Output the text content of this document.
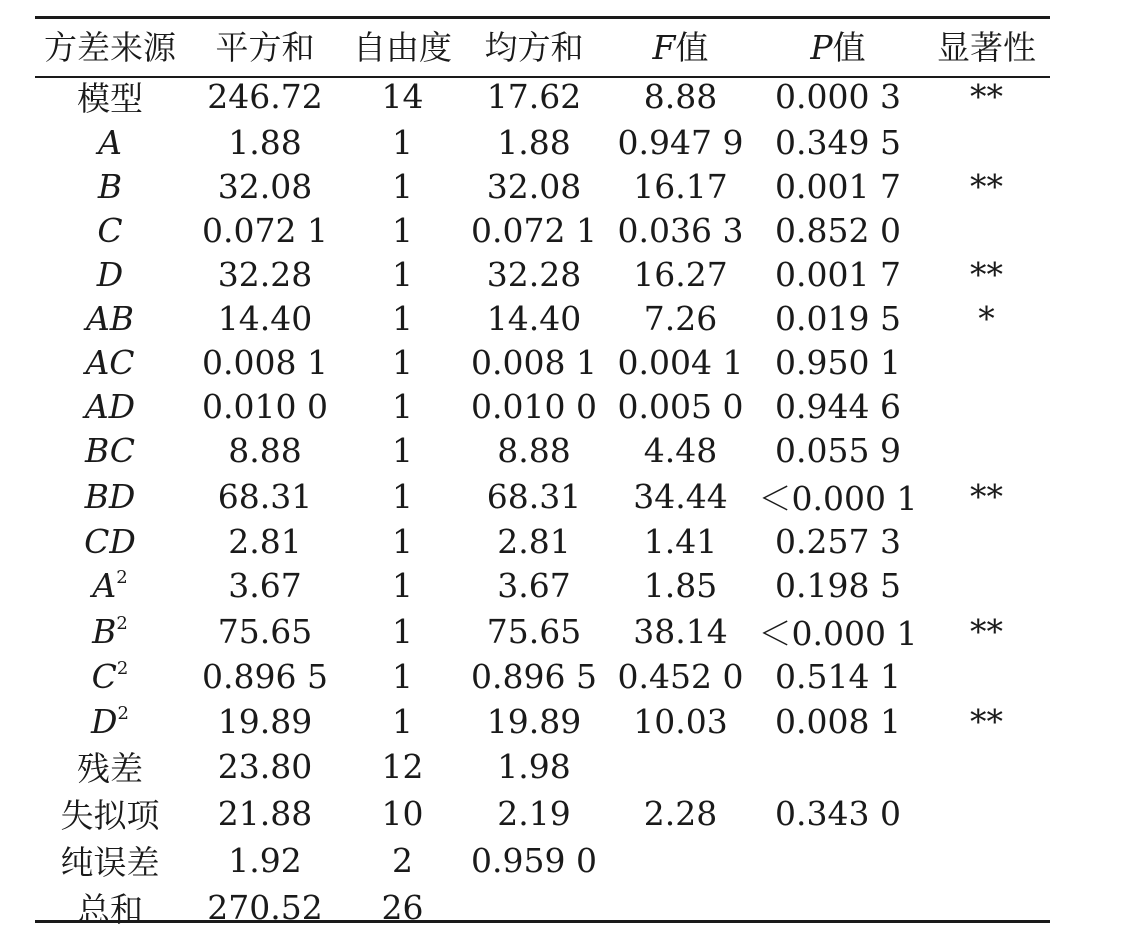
方差来源	平方和	自由度	均方和	F值	P值	显著性
模型	246.72	14	17.62	8.88	0.000 3	**
A	1.88	1	1.88	0.947 9	0.349 5	
B	32.08	1	32.08	16.17	0.001 7	**
C	0.072 1	1	0.072 1	0.036 3	0.852 0	
D	32.28	1	32.28	16.27	0.001 7	**
AB	14.40	1	14.40	7.26	0.019 5	*
AC	0.008 1	1	0.008 1	0.004 1	0.950 1	
AD	0.010 0	1	0.010 0	0.005 0	0.944 6	
BC	8.88	1	8.88	4.48	0.055 9	
BD	68.31	1	68.31	34.44	＜0.000 1	**
CD	2.81	1	2.81	1.41	0.257 3	
$A^2$	3.67	1	3.67	1.85	0.198 5	
$B^2$	75.65	1	75.65	38.14	＜0.000 1	**
$C^2$	0.896 5	1	0.896 5	0.452 0	0.514 1	
$D^2$	19.89	1	19.89	10.03	0.008 1	**
残差	23.80	12	1.98			
失拟项	21.88	10	2.19	2.28	0.343 0	
纯误差	1.92	2	0.959 0			
总和	270.52	26				
